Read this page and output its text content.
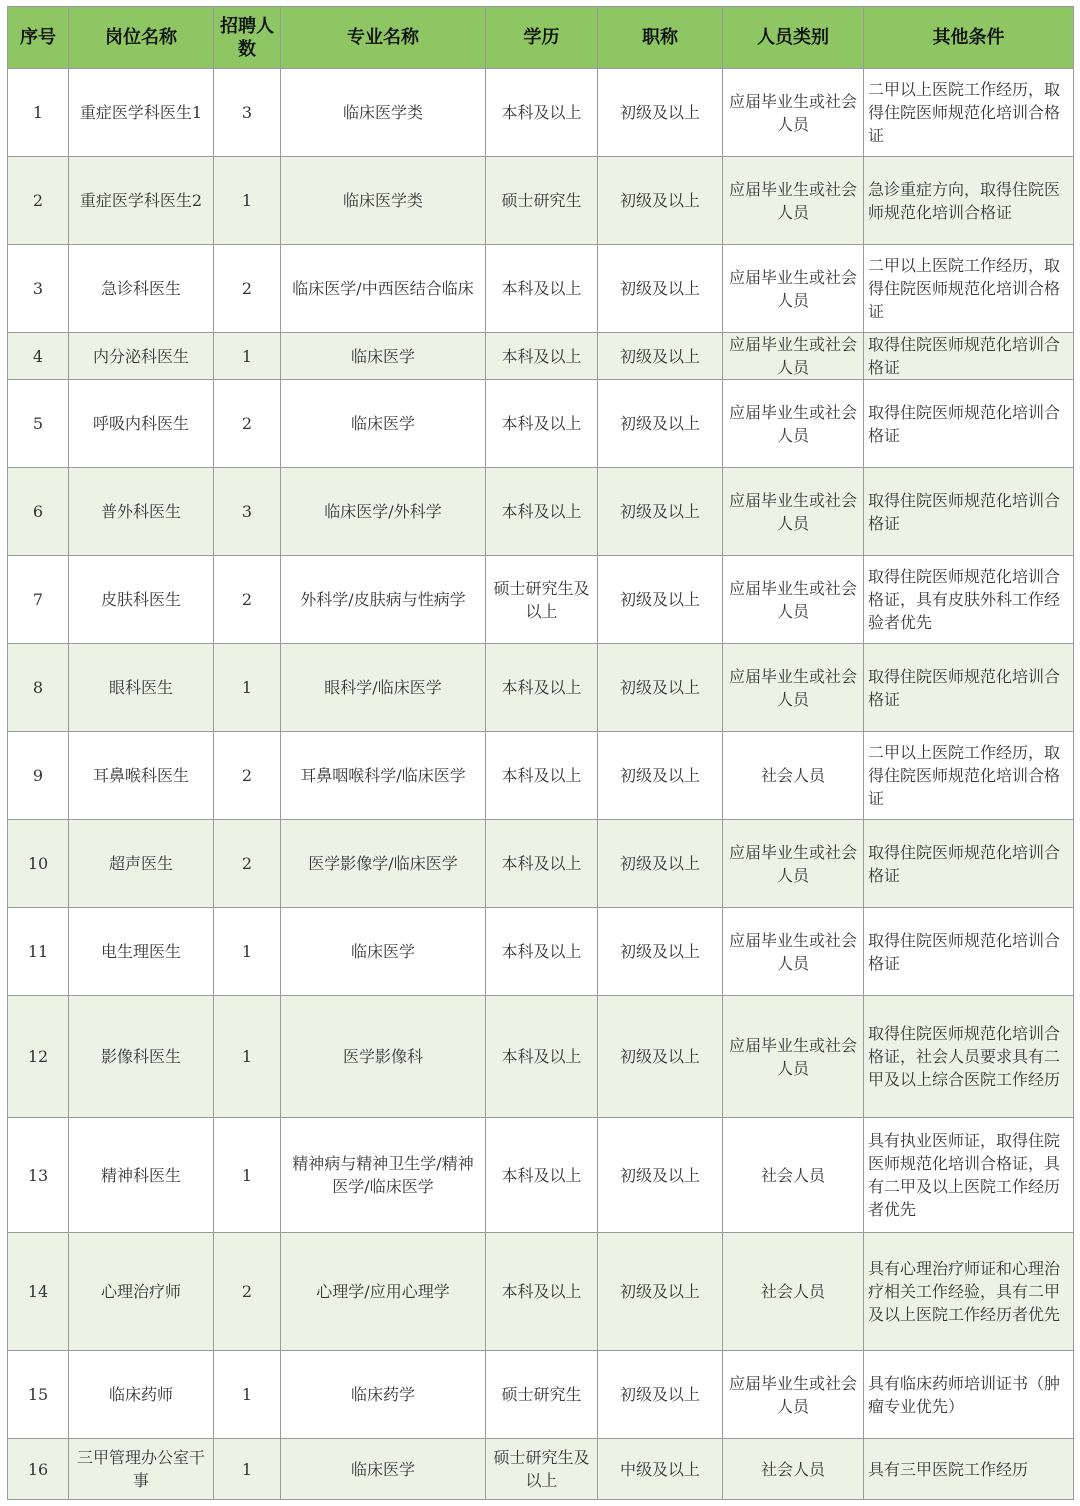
序号	岗位名称	招聘人数	专业名称	学历	职称	人员类别	其他条件
1	重症医学科医生1	3	临床医学类	本科及以上	初级及以上	应届毕业生或社会人员	二甲以上医院工作经历，取得住院医师规范化培训合格证
2	重症医学科医生2	1	临床医学类	硕士研究生	初级及以上	应届毕业生或社会人员	急诊重症方向，取得住院医师规范化培训合格证
3	急诊科医生	2	临床医学/中西医结合临床	本科及以上	初级及以上	应届毕业生或社会人员	二甲以上医院工作经历，取得住院医师规范化培训合格证
4	内分泌科医生	1	临床医学	本科及以上	初级及以上	应届毕业生或社会人员	取得住院医师规范化培训合格证
5	呼吸内科医生	2	临床医学	本科及以上	初级及以上	应届毕业生或社会人员	取得住院医师规范化培训合格证
6	普外科医生	3	临床医学/外科学	本科及以上	初级及以上	应届毕业生或社会人员	取得住院医师规范化培训合格证
7	皮肤科医生	2	外科学/皮肤病与性病学	硕士研究生及以上	初级及以上	应届毕业生或社会人员	取得住院医师规范化培训合格证，具有皮肤外科工作经验者优先
8	眼科医生	1	眼科学/临床医学	本科及以上	初级及以上	应届毕业生或社会人员	取得住院医师规范化培训合格证
9	耳鼻喉科医生	2	耳鼻咽喉科学/临床医学	本科及以上	初级及以上	社会人员	二甲以上医院工作经历，取得住院医师规范化培训合格证
10	超声医生	2	医学影像学/临床医学	本科及以上	初级及以上	应届毕业生或社会人员	取得住院医师规范化培训合格证
11	电生理医生	1	临床医学	本科及以上	初级及以上	应届毕业生或社会人员	取得住院医师规范化培训合格证
12	影像科医生	1	医学影像科	本科及以上	初级及以上	应届毕业生或社会人员	取得住院医师规范化培训合格证，社会人员要求具有二甲及以上综合医院工作经历
13	精神科医生	1	精神病与精神卫生学/精神医学/临床医学	本科及以上	初级及以上	社会人员	具有执业医师证，取得住院医师规范化培训合格证，具有二甲及以上医院工作经历者优先
14	心理治疗师	2	心理学/应用心理学	本科及以上	初级及以上	社会人员	具有心理治疗师证和心理治疗相关工作经验，具有二甲及以上医院工作经历者优先
15	临床药师	1	临床药学	硕士研究生	初级及以上	应届毕业生或社会人员	具有临床药师培训证书（肿瘤专业优先）
16	三甲管理办公室干事	1	临床医学	硕士研究生及以上	中级及以上	社会人员	具有三甲医院工作经历
